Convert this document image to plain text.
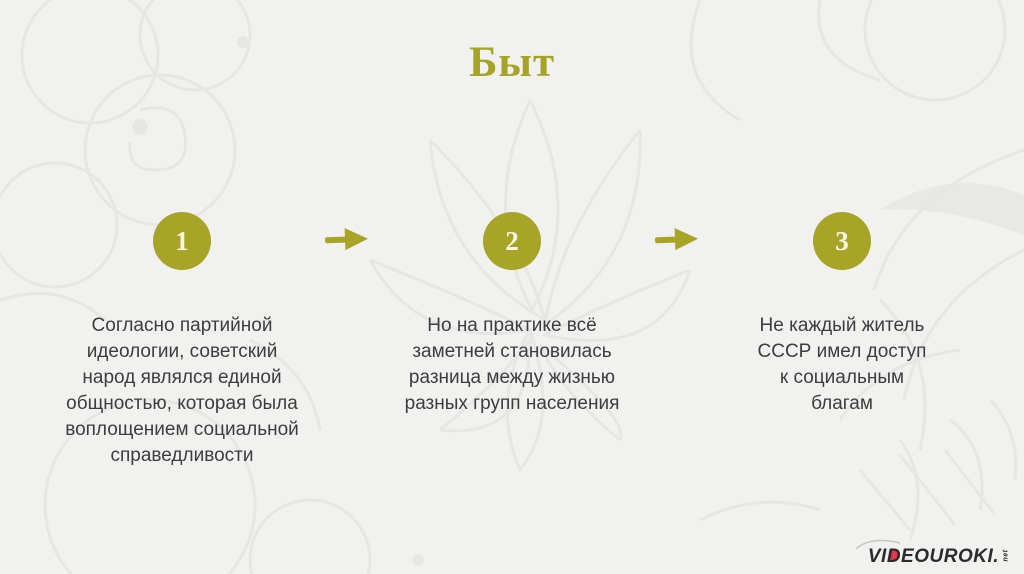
Быт
1
Согласно партийной
идеологии, советский
народ являлся единой
общностью, которая была
воплощением социальной
справедливости
2
Но на практике всё
заметней становилась
разница между жизнью
разных групп населения
3
Не каждый житель
СССР имел доступ
к социальным
благам
VI D EOUROKI. net
